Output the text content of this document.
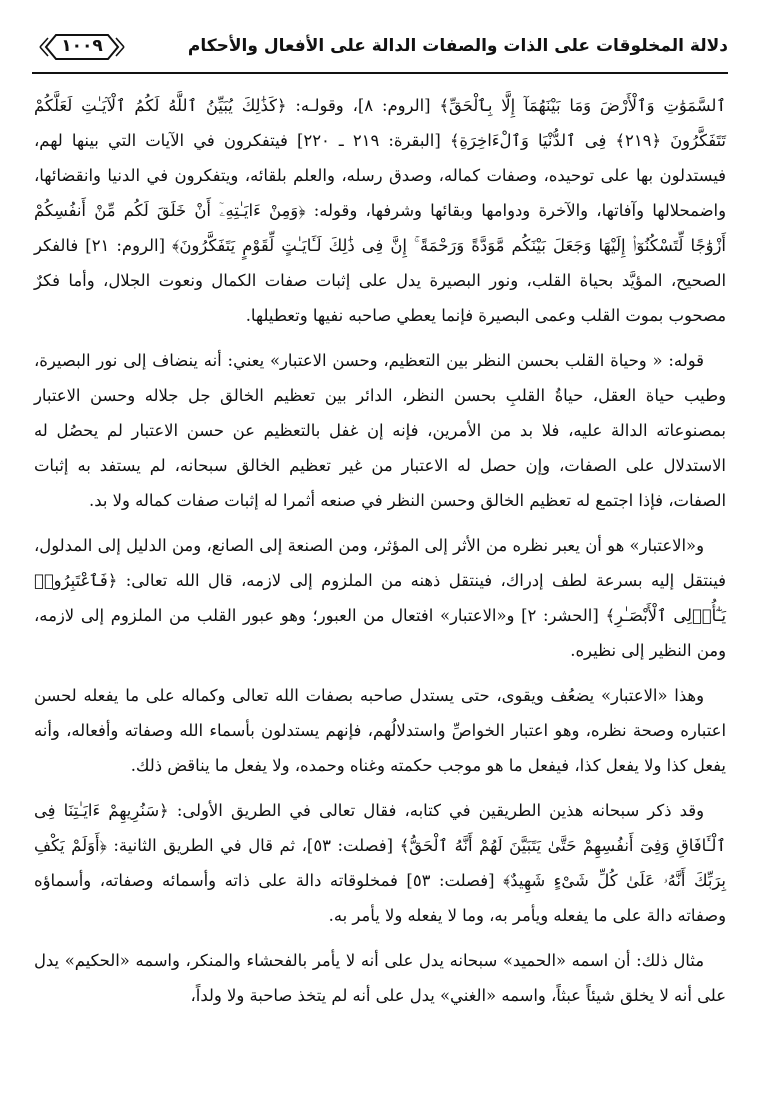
دلالة المخلوقات على الذات والصفات الدالة على الأفعال والأحكام
١٠٠٩

ٱلسَّمَوَٰتِ وَٱلْأَرْضَ وَمَا بَيْنَهُمَآ إِلَّا بِٱلْحَقِّ﴾ [الروم: ٨]، وقولـه: ﴿كَذَٰلِكَ يُبَيِّنُ ٱللَّهُ لَكُمُ ٱلْآيَـٰتِ لَعَلَّكُمْ تَتَفَكَّرُونَ ﴿٢١٩﴾ فِى ٱلدُّنْيَا وَٱلْءَاخِرَةِ﴾ [البقرة: ٢١٩ ـ ٢٢٠] فيتفكرون في الآيات التي بينها لهم، فيستدلون بها على توحيده، وصفات كماله، وصدق رسله، والعلم بلقائه، ويتفكرون في الدنيا وانقضائها، واضمحلالها وآفاتها، والآخرة ودوامها وبقائها وشرفها، وقوله: ﴿وَمِنْ ءَايَـٰتِهِۦٓ أَنْ خَلَقَ لَكُم مِّنْ أَنفُسِكُمْ أَزْوَٰجًا لِّتَسْكُنُوٓا۟ إِلَيْهَا وَجَعَلَ بَيْنَكُم مَّوَدَّةً وَرَحْمَةً ۚ إِنَّ فِى ذَٰلِكَ لَـَٔايَـٰتٍ لِّقَوْمٍ يَتَفَكَّرُونَ﴾ [الروم: ٢١] فالفكر الصحيح، المؤيَّد بحياة القلب، ونور البصيرة يدل على إثبات صفات الكمال ونعوت الجلال، وأما فكرٌ مصحوب بموت القلب وعمى البصيرة فإنما يعطي صاحبه نفيها وتعطيلها.

قوله: « وحياة القلب بحسن النظر بين التعظيم، وحسن الاعتبار» يعني: أنه ينضاف إلى نور البصيرة، وطيب حياة العقل، حياةُ القلبِ بحسن النظر، الدائر بين تعظيم الخالق جل جلاله وحسن الاعتبار بمصنوعاته الدالة عليه، فلا بد من الأمرين، فإنه إن غفل بالتعظيم عن حسن الاعتبار لم يحصُل له الاستدلال على الصفات، وإن حصل له الاعتبار من غير تعظيم الخالق سبحانه، لم يستفد به إثبات الصفات، فإذا اجتمع له تعظيم الخالق وحسن النظر في صنعه أثمرا له إثبات صفات كماله ولا بد.

و«الاعتبار» هو أن يعبر نظره من الأثر إلى المؤثر، ومن الصنعة إلى الصانع، ومن الدليل إلى المدلول، فينتقل إليه بسرعة لطف إدراك، فينتقل ذهنه من الملزوم إلى لازمه، قال الله تعالى: ﴿فَٱعْتَبِرُوا۟ يَـٰٓأُو۟لِى ٱلْأَبْصَـٰرِ﴾ [الحشر: ٢] و«الاعتبار» افتعال من العبور؛ وهو عبور القلب من الملزوم إلى لازمه، ومن النظير إلى نظيره.

وهذا «الاعتبار» يضعُف ويقوى، حتى يستدل صاحبه بصفات الله تعالى وكماله على ما يفعله لحسن اعتباره وصحة نظره، وهو اعتبار الخواصِّ واستدلالُهم، فإنهم يستدلون بأسماء الله وصفاته وأفعاله، وأنه يفعل كذا ولا يفعل كذا، فيفعل ما هو موجب حكمته وغناه وحمده، ولا يفعل ما يناقض ذلك.

وقد ذكر سبحانه هذين الطريقين في كتابه، فقال تعالى في الطريق الأولى: ﴿سَنُرِيهِمْ ءَايَـٰتِنَا فِى ٱلْـَٔافَاقِ وَفِىٓ أَنفُسِهِمْ حَتَّىٰ يَتَبَيَّنَ لَهُمْ أَنَّهُ ٱلْحَقُّ﴾ [فصلت: ٥٣]، ثم قال في الطريق الثانية: ﴿أَوَلَمْ يَكْفِ بِرَبِّكَ أَنَّهُۥ عَلَىٰ كُلِّ شَىْءٍ شَهِيدٌ﴾ [فصلت: ٥٣] فمخلوقاته دالة على ذاته وأسمائه وصفاته، وأسماؤه وصفاته دالة على ما يفعله ويأمر به، وما لا يفعله ولا يأمر به.

مثال ذلك: أن اسمه «الحميد» سبحانه يدل على أنه لا يأمر بالفحشاء والمنكر، واسمه «الحكيم» يدل على أنه لا يخلق شيئاً عبثاً، واسمه «الغني» يدل على أنه لم يتخذ صاحبة ولا ولداً،
